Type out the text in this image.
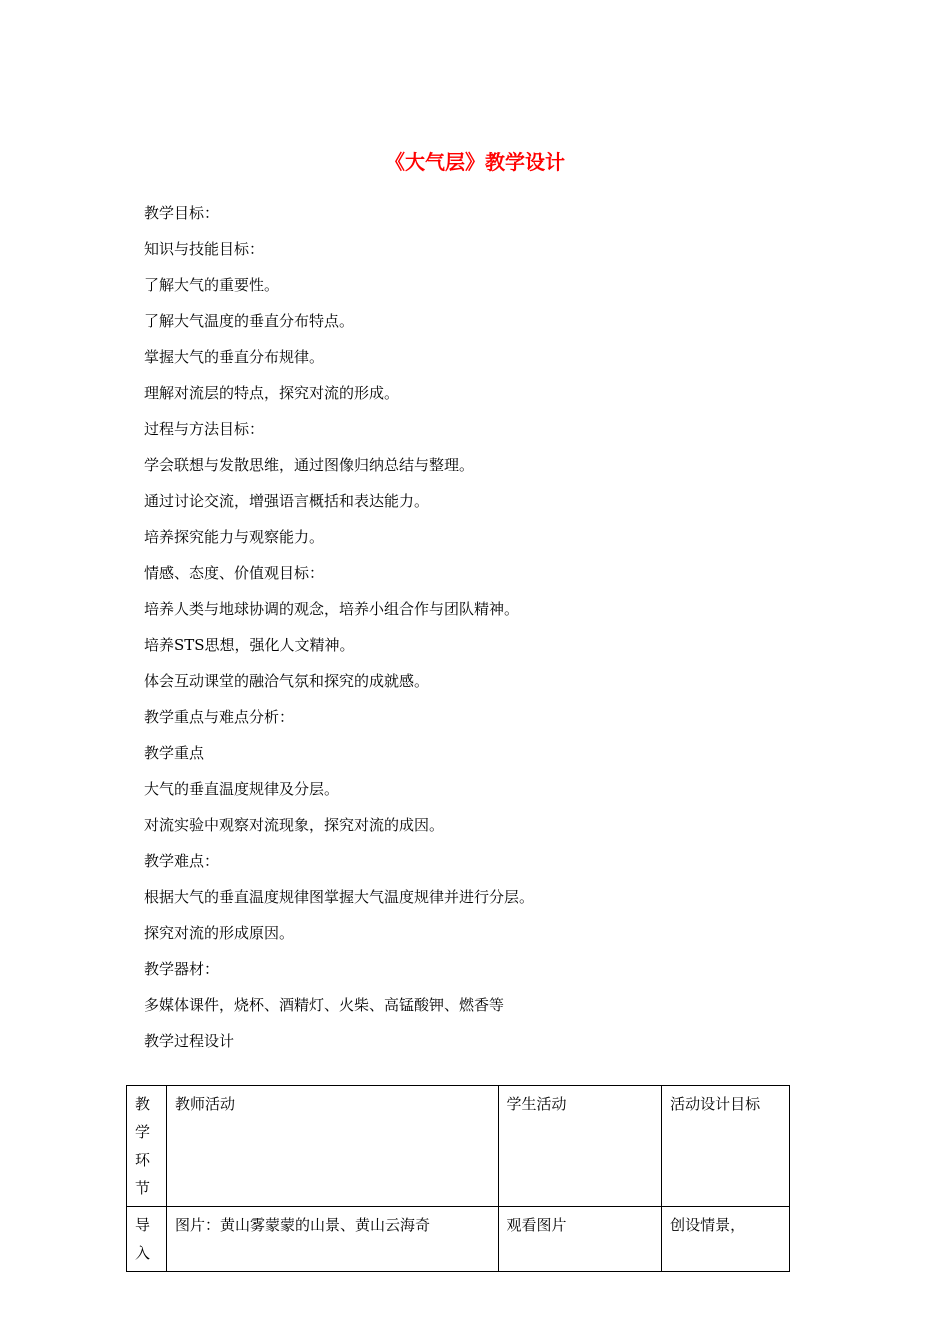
《大气层》教学设计
教学目标：
知识与技能目标：
了解大气的重要性。
了解大气温度的垂直分布特点。
掌握大气的垂直分布规律。
理解对流层的特点，探究对流的形成。
过程与方法目标：
学会联想与发散思维，通过图像归纳总结与整理。
通过讨论交流，增强语言概括和表达能力。
培养探究能力与观察能力。
情感、态度、价值观目标：
培养人类与地球协调的观念，培养小组合作与团队精神。
培养STS思想，强化人文精神。
体会互动课堂的融洽气氛和探究的成就感。
教学重点与难点分析：
教学重点
大气的垂直温度规律及分层。
对流实验中观察对流现象，探究对流的成因。
教学难点：
根据大气的垂直温度规律图掌握大气温度规律并进行分层。
探究对流的形成原因。
教学器材：
多媒体课件，烧杯、酒精灯、火柴、高锰酸钾、燃香等
教学过程设计
教学环节	教师活动	学生活动	活动设计目标
导入	图片：黄山雾蒙蒙的山景、黄山云海奇	观看图片	创设情景，
